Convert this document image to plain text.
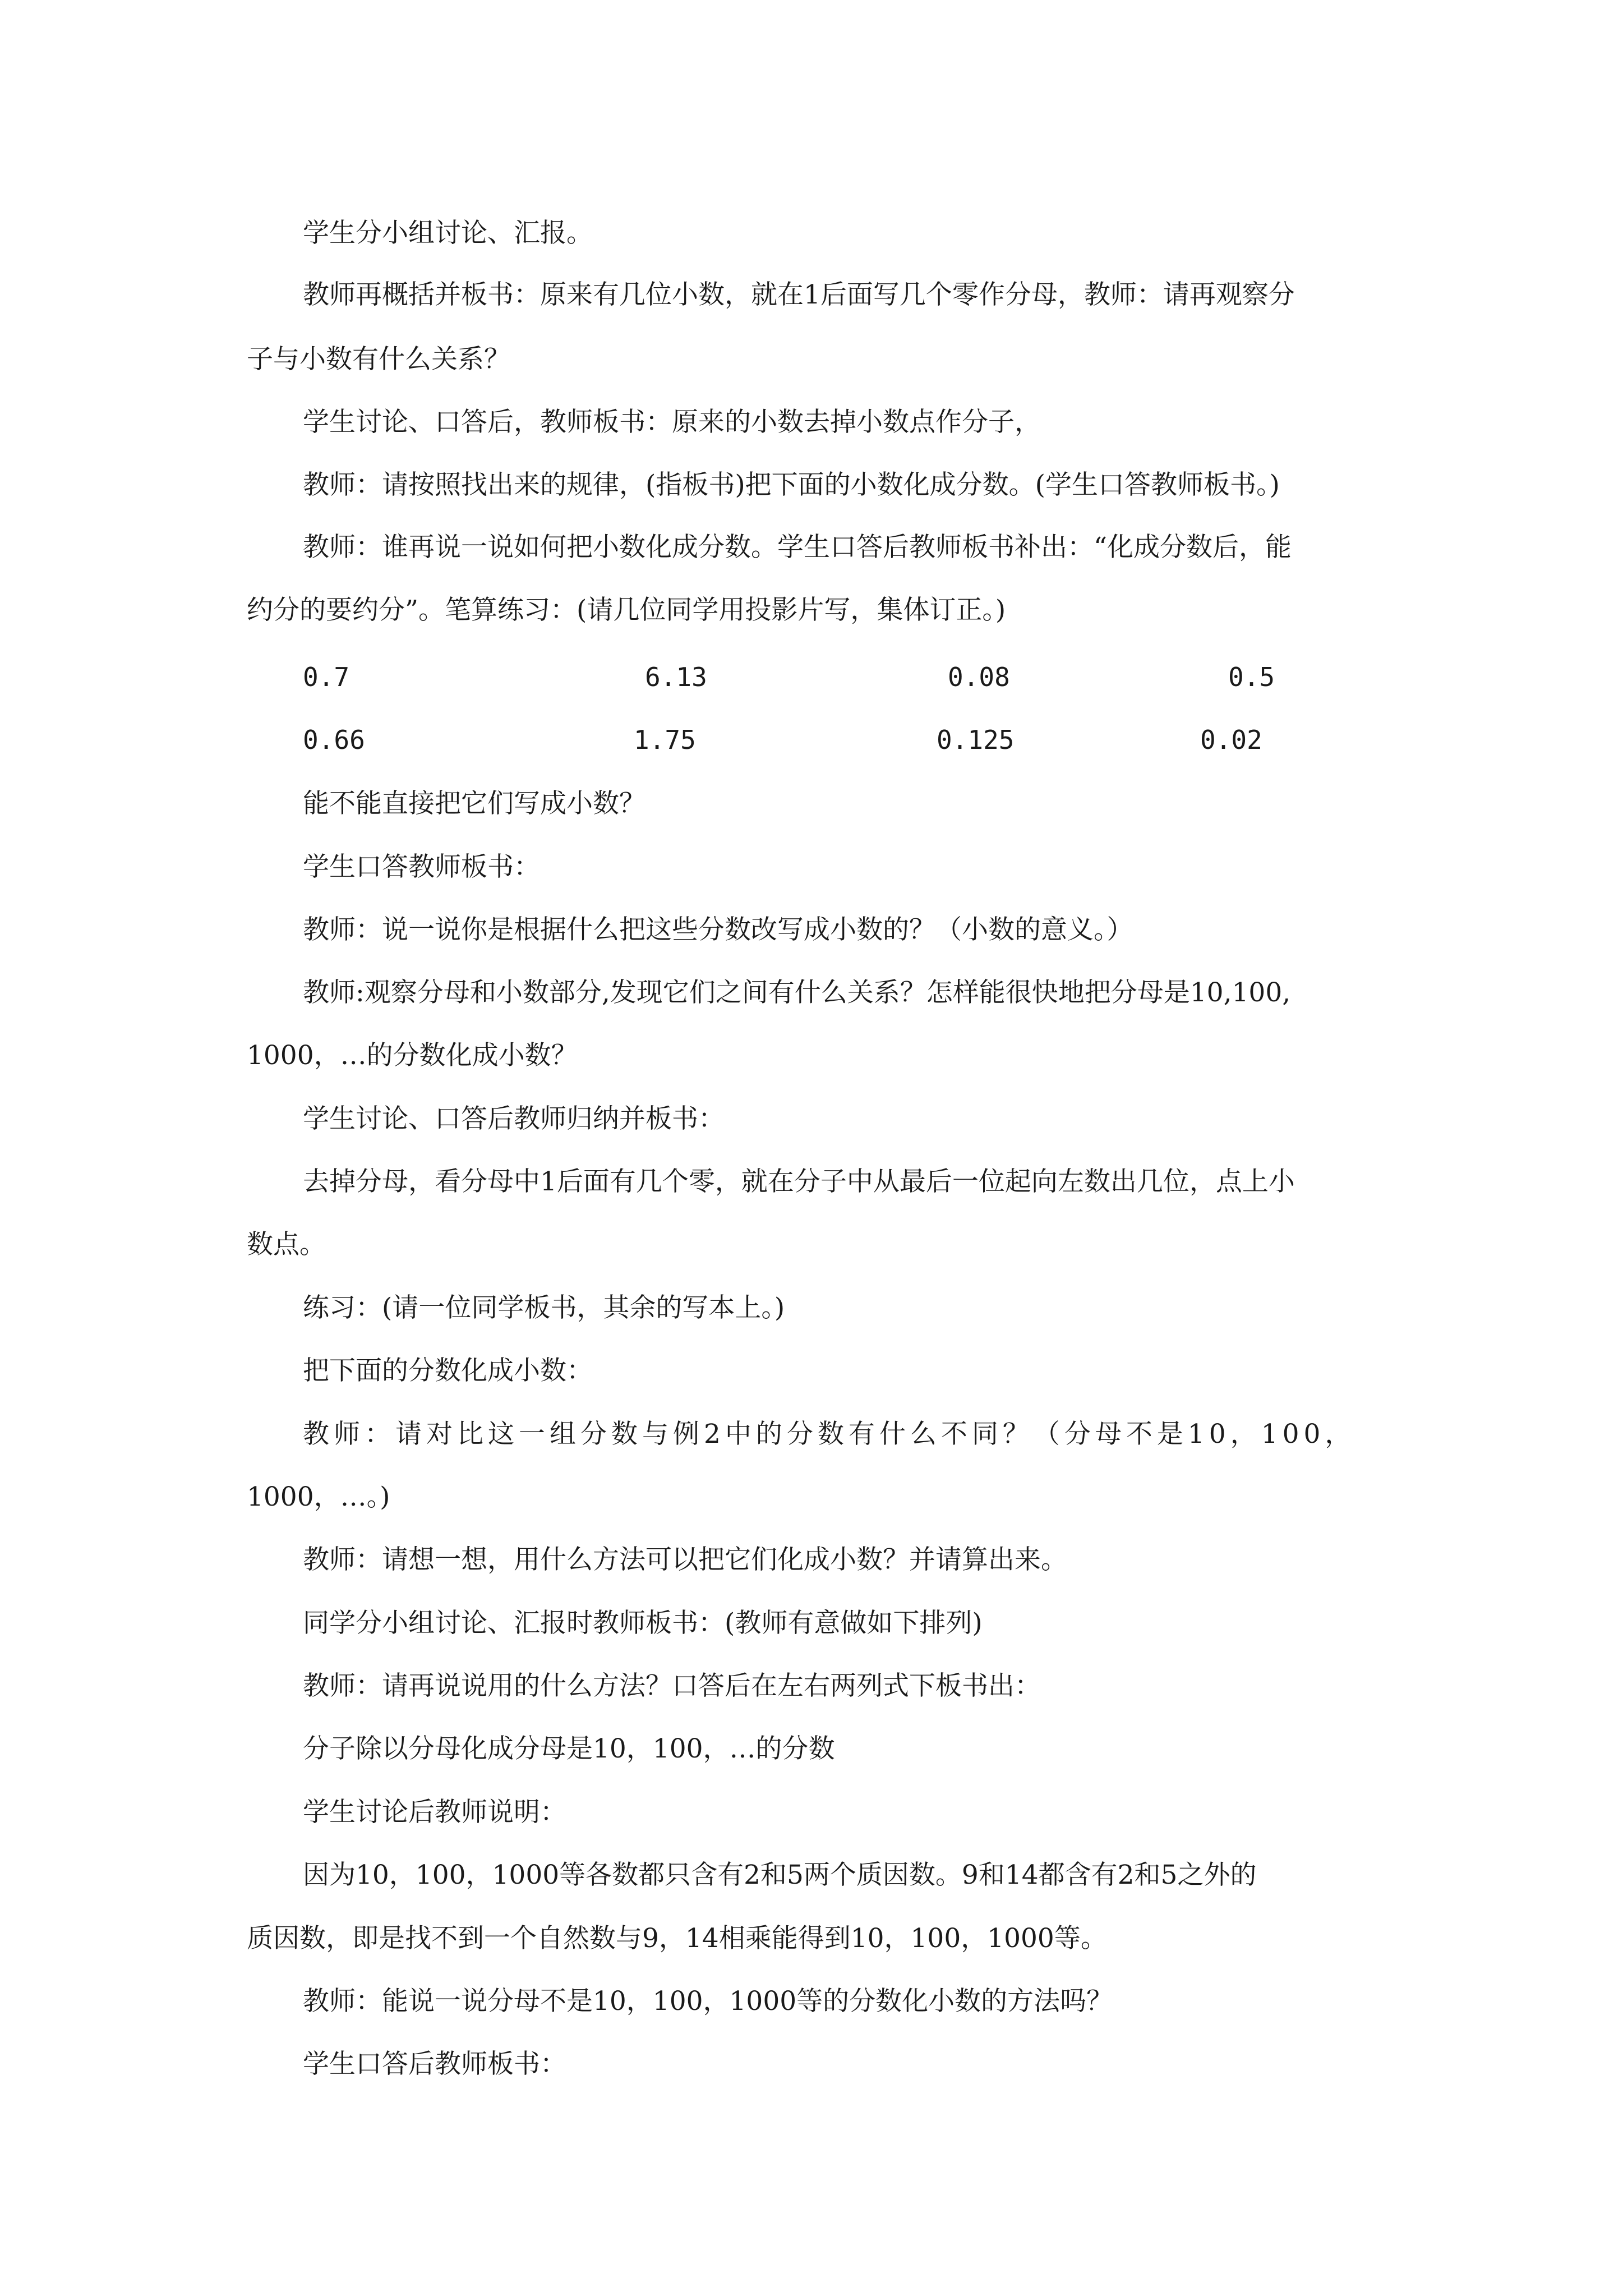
学生分小组讨论、汇报。
教师再概括并板书：原来有几位小数，就在1后面写几个零作分母，教师：请再观察分
子与小数有什么关系？
学生讨论、口答后，教师板书：原来的小数去掉小数点作分子，
教师：请按照找出来的规律，(指板书)把下面的小数化成分数。(学生口答教师板书。)
教师：谁再说一说如何把小数化成分数。学生口答后教师板书补出：“化成分数后，能
约分的要约分”。笔算练习：(请几位同学用投影片写，集体订正。)
0.7	6.13	0.08	0.5
0.66	1.75	0.125	0.02
能不能直接把它们写成小数？
学生口答教师板书：
教师：说一说你是根据什么把这些分数改写成小数的？（小数的意义。）
教师:观察分母和小数部分,发现它们之间有什么关系？怎样能很快地把分母是10,100,
1000，…的分数化成小数？
学生讨论、口答后教师归纳并板书：
去掉分母，看分母中1后面有几个零，就在分子中从最后一位起向左数出几位，点上小
数点。
练习：(请一位同学板书，其余的写本上。)
把下面的分数化成小数：
教师：请对比这一组分数与例2中的分数有什么不同？（分母不是10，100，
1000，…。)
教师：请想一想，用什么方法可以把它们化成小数？并请算出来。
同学分小组讨论、汇报时教师板书：(教师有意做如下排列)
教师：请再说说用的什么方法？口答后在左右两列式下板书出：
分子除以分母化成分母是10，100，…的分数
学生讨论后教师说明：
因为10，100，1000等各数都只含有2和5两个质因数。9和14都含有2和5之外的
质因数，即是找不到一个自然数与9，14相乘能得到10，100，1000等。
教师：能说一说分母不是10，100，1000等的分数化小数的方法吗？
学生口答后教师板书：
